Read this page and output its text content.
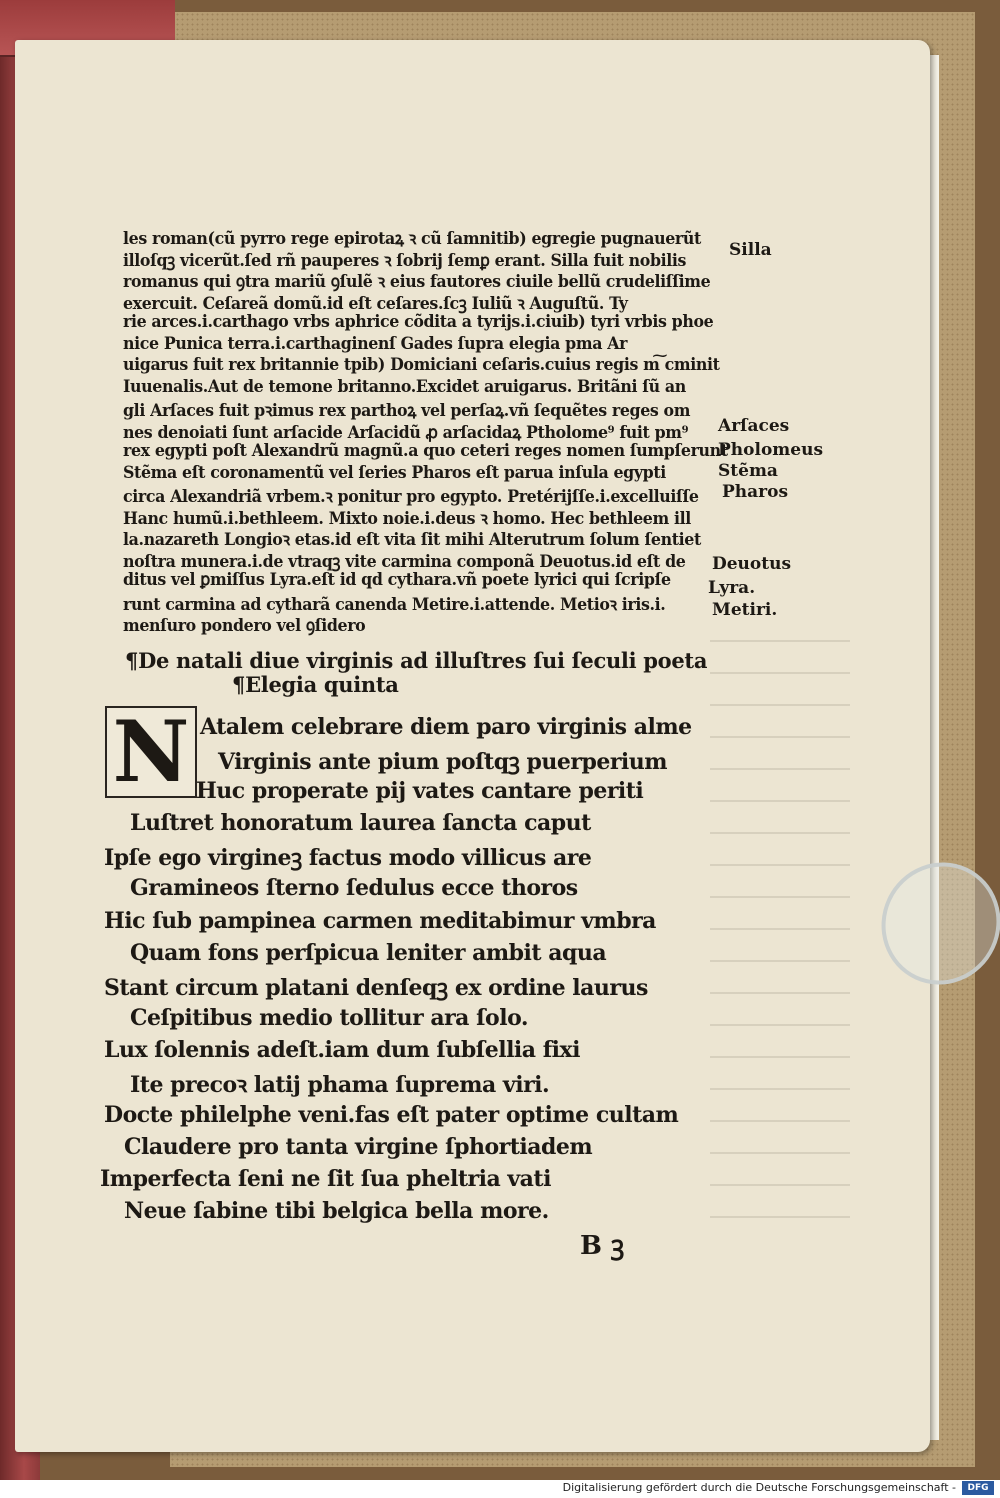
les roman(cũ pyrro rege epirotaꝝ ꝛ cũ ſamnitib) egregie pugnauerũt
illoſqꝫ vicerũt.ſed rñ pauperes ꝛ ſobrij ſemꝑ erant. Silla fuit nobilis
romanus qui ꝯtra mariũ ꝯſulẽ ꝛ eius fautores ciuile bellũ crudeliſſime
exercuit. Ceſareã domũ.id eſt ceſares.ſcꝫ Iuliũ ꝛ Auguſtũ. Ty
rie arces.i.carthago vrbs aphrice cõdita a tyrijs.i.ciuib) tyri vrbis phoe
nice Punica terra.i.carthaginenſ Gades ſupra elegia pma Ar
uigarus fuit rex britannie tpib) Domiciani ceſaris.cuius regis m͠ cminit
Iuuenalis.Aut de temone britanno.Excidet aruigarus. Britãni ſũ an
gli Arſaces fuit pꝛimus rex parthoꝝ vel perſaꝝ.vñ ſequẽtes reges om
nes denoiati ſunt arſacide Arſacidũ ꝓ arſacidaꝝ Ptholome⁹ fuit pm⁹
rex egypti poſt Alexandrũ magnũ.a quo ceteri reges nomen ſumpſerunt
Stẽma eſt coronamentũ vel ſeries Pharos eſt parua inſula egypti
circa Alexandriã vrbem.ꝛ ponitur pro egypto. Pretérijſſe.i.excelluiſſe
Hanc humũ.i.bethleem. Mixto noie.i.deus ꝛ homo. Hec bethleem ill
la.nazareth Longioꝛ etas.id eſt vita ſit mihi Alterutrum ſolum ſentiet
noſtra munera.i.de vtraqꝫ vite carmina componã Deuotus.id eſt de
ditus vel ꝑmiſſus Lyra.eſt id qd cythara.vñ poete lyrici qui ſcripſe
runt carmina ad cytharã canenda Metire.i.attende. Metioꝛ iris.i.
menſuro pondero vel ꝯſidero
Silla
Arſaces
Pholomeus
Stẽma
Pharos
Deuotus
Lyra.
Metiri.
¶De natali diue virginis ad illuſtres ſui ſeculi poeta
¶Elegia quinta
N Atalem celebrare diem paro virginis alme
Virginis ante pium poſtqꝫ puerperium
Huc properate pij vates cantare periti
Luſtret honoratum laurea ſancta caput
Ipſe ego virgineꝫ factus modo villicus are
Gramineos ſterno ſedulus ecce thoros
Hic ſub pampinea carmen meditabimur vmbra
Quam fons perſpicua leniter ambit aqua
Stant circum platani denſeqꝫ ex ordine laurus
Ceſpitibus medio tollitur ara ſolo.
Lux ſolennis adeſt.iam dum ſubſellia fixi
Ite precoꝛ latij phama ſuprema viri.
Docte philelphe veni.fas eſt pater optime cultam
Claudere pro tanta virgine ſphortiadem
Imperfecta ſeni ne ſit ſua pheltria vati
Neue ſabine tibi belgica bella more.
B ꝫ
Digitalisierung gefördert durch die Deutsche Forschungsgemeinschaft -	DFG
